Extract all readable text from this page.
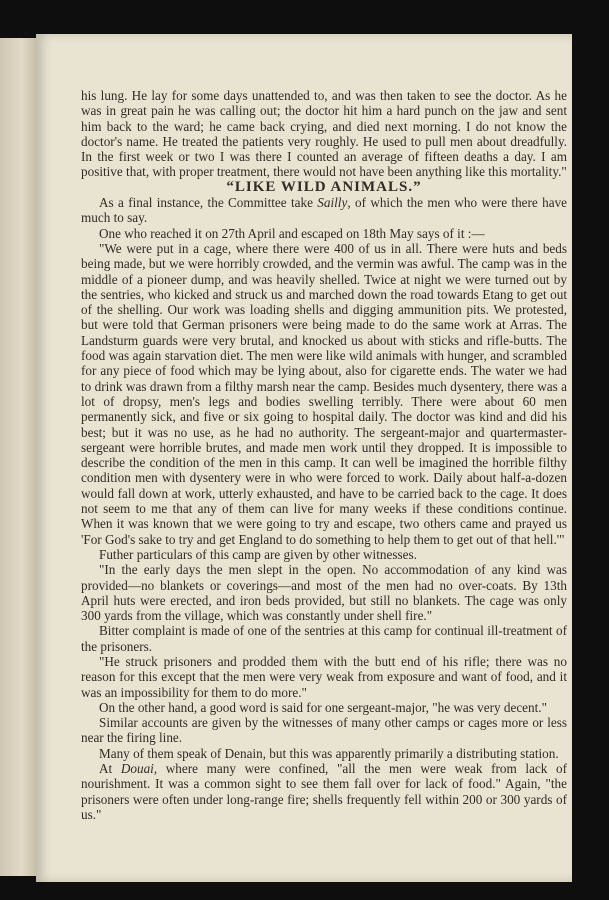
his lung. He lay for some days unattended to, and was then taken to see the doctor. As he was in great pain he was calling out; the doctor hit him a hard punch on the jaw and sent him back to the ward; he came back crying, and died next morning. I do not know the doctor's name. He treated the patients very roughly. He used to pull men about dreadfully. In the first week or two I was there I counted an average of fifteen deaths a day. I am positive that, with proper treatment, there would not have been anything like this mortality."

“LIKE WILD ANIMALS.”

As a final instance, the Committee take Sailly, of which the men who were there have much to say.

One who reached it on 27th April and escaped on 18th May says of it :—

"We were put in a cage, where there were 400 of us in all. There were huts and beds being made, but we were horribly crowded, and the vermin was awful. The camp was in the middle of a pioneer dump, and was heavily shelled. Twice at night we were turned out by the sentries, who kicked and struck us and marched down the road towards Etang to get out of the shelling. Our work was loading shells and digging ammunition pits. We protested, but were told that German prisoners were being made to do the same work at Arras. The Landsturm guards were very brutal, and knocked us about with sticks and rifle-butts. The food was again starvation diet. The men were like wild animals with hunger, and scrambled for any piece of food which may be lying about, also for cigarette ends. The water we had to drink was drawn from a filthy marsh near the camp. Besides much dysentery, there was a lot of dropsy, men's legs and bodies swelling terribly. There were about 60 men permanently sick, and five or six going to hospital daily. The doctor was kind and did his best; but it was no use, as he had no authority. The sergeant-major and quartermaster-sergeant were horrible brutes, and made men work until they dropped. It is impossible to describe the condition of the men in this camp. It can well be imagined the horrible filthy condition men with dysentery were in who were forced to work. Daily about half-a-dozen would fall down at work, utterly exhausted, and have to be carried back to the cage. It does not seem to me that any of them can live for many weeks if these conditions continue. When it was known that we were going to try and escape, two others came and prayed us 'For God's sake to try and get England to do something to help them to get out of that hell.'"

Futher particulars of this camp are given by other witnesses.

"In the early days the men slept in the open. No accommodation of any kind was provided—no blankets or coverings—and most of the men had no over-coats. By 13th April huts were erected, and iron beds provided, but still no blankets. The cage was only 300 yards from the village, which was constantly under shell fire."

Bitter complaint is made of one of the sentries at this camp for continual ill-treatment of the prisoners.

"He struck prisoners and prodded them with the butt end of his rifle; there was no reason for this except that the men were very weak from exposure and want of food, and it was an impossibility for them to do more."

On the other hand, a good word is said for one sergeant-major, "he was very decent."

Similar accounts are given by the witnesses of many other camps or cages more or less near the firing line.

Many of them speak of Denain, but this was apparently primarily a distributing station.

At Douai, where many were confined, "all the men were weak from lack of nourishment. It was a common sight to see them fall over for lack of food." Again, "the prisoners were often under long-range fire; shells frequently fell within 200 or 300 yards of us."
